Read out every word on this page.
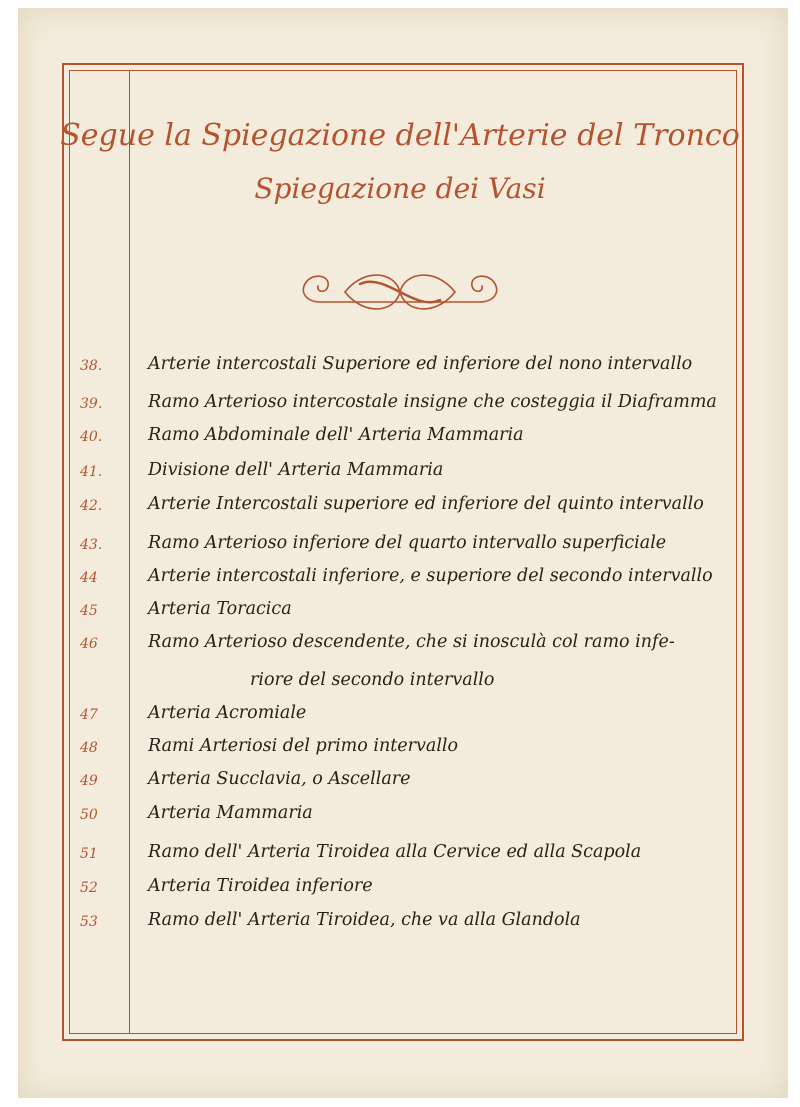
Segue la Spiegazione dell'Arterie del Tronco
Spiegazione dei Vasi
38.	Arterie intercostali Superiore ed inferiore del nono intervallo
39.	Ramo Arterioso intercostale insigne che costeggia il Diaframma
40.	Ramo Abdominale dell' Arteria Mammaria
41.	Divisione dell' Arteria Mammaria
42.	Arterie Intercostali superiore ed inferiore del quinto intervallo
43.	Ramo Arterioso inferiore del quarto intervallo superficiale
44	Arterie intercostali inferiore, e superiore del secondo intervallo
45	Arteria Toracica
46	Ramo Arterioso descendente, che si inosculà col ramo infe-
riore del secondo intervallo
47	Arteria Acromiale
48	Rami Arteriosi del primo intervallo
49	Arteria Succlavia, o Ascellare
50	Arteria Mammaria
51	Ramo dell' Arteria Tiroidea alla Cervice ed alla Scapola
52	Arteria Tiroidea inferiore
53	Ramo dell' Arteria Tiroidea, che va alla Glandola
